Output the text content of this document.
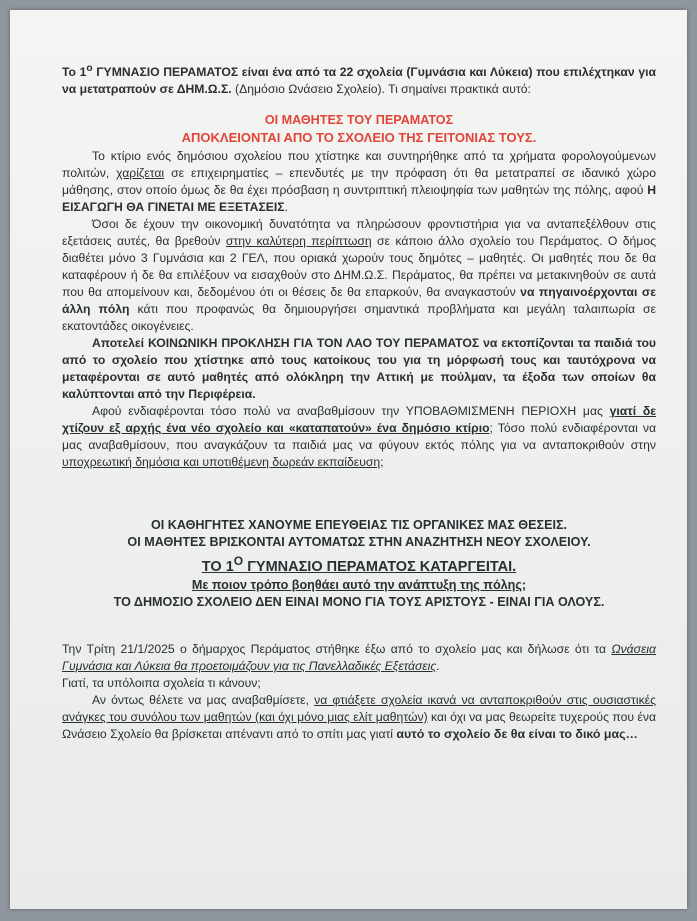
Το $1^o$ ΓΥΜΝΑΣΙΟ ΠΕΡΑΜΑΤΟΣ είναι ένα από τα 22 σχολεία (Γυμνάσια και Λύκεια) που επιλέχτηκαν για να μετατραπούν σε ΔΗΜ.Ω.Σ. (Δημόσιο Ωνάσειο Σχολείο). Τι σημαίνει πρακτικά αυτό:

ΟΙ ΜΑΘΗΤΕΣ ΤΟΥ ΠΕΡΑΜΑΤΟΣ

ΑΠΟΚΛΕΙΟΝΤΑΙ ΑΠΟ ΤΟ ΣΧΟΛΕΙΟ ΤΗΣ ΓΕΙΤΟΝΙΑΣ ΤΟΥΣ.

Το κτίριο ενός δημόσιου σχολείου που χτίστηκε και συντηρήθηκε από τα χρήματα φορολογούμενων πολιτών, χαρίζεται σε επιχειρηματίες – επενδυτές με την πρόφαση ότι θα μετατραπεί σε ιδανικό χώρο μάθησης, στον οποίο όμως δε θα έχει πρόσβαση η συντριπτική πλειοψηφία των μαθητών της πόλης, αφού Η ΕΙΣΑΓΩΓΗ ΘΑ ΓΙΝΕΤΑΙ ΜΕ ΕΞΕΤΑΣΕΙΣ.

Όσοι δε έχουν την οικονομική δυνατότητα να πληρώσουν φροντιστήρια για να ανταπεξέλθουν στις εξετάσεις αυτές, θα βρεθούν στην καλύτερη περίπτωση σε κάποιο άλλο σχολείο του Περάματος. Ο δήμος διαθέτει μόνο 3 Γυμνάσια και 2 ΓΕΛ, που οριακά χωρούν τους δημότες – μαθητές. Οι μαθητές που δε θα καταφέρουν ή δε θα επιλέξουν να εισαχθούν στο ΔΗΜ.Ω.Σ. Περάματος, θα πρέπει να μετακινηθούν σε αυτά που θα απομείνουν και, δεδομένου ότι οι θέσεις δε θα επαρκούν, θα αναγκαστούν να πηγαινοέρχονται σε άλλη πόλη κάτι που προφανώς θα δημιουργήσει σημαντικά προβλήματα και μεγάλη ταλαιπωρία σε εκατοντάδες οικογένειες.

Αποτελεί ΚΟΙΝΩΝΙΚΗ ΠΡΟΚΛΗΣΗ ΓΙΑ ΤΟΝ ΛΑΟ ΤΟΥ ΠΕΡΑΜΑΤΟΣ να εκτοπίζονται τα παιδιά του από το σχολείο που χτίστηκε από τους κατοίκους του για τη μόρφωσή τους και ταυτόχρονα να μεταφέρονται σε αυτό μαθητές από ολόκληρη την Αττική με πούλμαν, τα έξοδα των οποίων θα καλύπτονται από την Περιφέρεια.

Αφού ενδιαφέρονται τόσο πολύ να αναβαθμίσουν την ΥΠΟΒΑΘΜΙΣΜΕΝΗ ΠΕΡΙΟΧΗ μας γιατί δε χτίζουν εξ αρχής ένα νέο σχολείο και «καταπατούν» ένα δημόσιο κτίριο; Τόσο πολύ ενδιαφέρονται να μας αναβαθμίσουν, που αναγκάζουν τα παιδιά μας να φύγουν εκτός πόλης για να ανταποκριθούν στην υποχρεωτική δημόσια και υποτιθέμενη δωρεάν εκπαίδευση;

ΟΙ ΚΑΘΗΓΗΤΕΣ ΧΑΝΟΥΜΕ ΕΠΕΥΘΕΙΑΣ ΤΙΣ ΟΡΓΑΝΙΚΕΣ ΜΑΣ ΘΕΣΕΙΣ.

ΟΙ ΜΑΘΗΤΕΣ ΒΡΙΣΚΟΝΤΑΙ ΑΥΤΟΜΑΤΩΣ ΣΤΗΝ ΑΝΑΖΗΤΗΣΗ ΝΕΟΥ ΣΧΟΛΕΙΟΥ.

ΤΟ $1^O$ ΓΥΜΝΑΣΙΟ ΠΕΡΑΜΑΤΟΣ ΚΑΤΑΡΓΕΙΤΑΙ.

Με ποιον τρόπο βοηθάει αυτό την ανάπτυξη της πόλης;

ΤΟ ΔΗΜΟΣΙΟ ΣΧΟΛΕΙΟ ΔΕΝ ΕΙΝΑΙ ΜΟΝΟ ΓΙΑ ΤΟΥΣ ΑΡΙΣΤΟΥΣ - ΕΙΝΑΙ ΓΙΑ ΟΛΟΥΣ.

Την Τρίτη 21/1/2025 ο δήμαρχος Περάματος στήθηκε έξω από το σχολείο μας και δήλωσε ότι τα Ωνάσεια Γυμνάσια και Λύκεια θα προετοιμάζουν για τις Πανελλαδικές Εξετάσεις.

Γιατί, τα υπόλοιπα σχολεία τι κάνουν;

Αν όντως θέλετε να μας αναβαθμίσετε, να φτιάξετε σχολεία ικανά να ανταποκριθούν στις ουσιαστικές ανάγκες του συνόλου των μαθητών (και όχι μόνο μιας ελίτ μαθητών) και όχι να μας θεωρείτε τυχερούς που ένα Ωνάσειο Σχολείο θα βρίσκεται απέναντι από το σπίτι μας γιατί αυτό το σχολείο δε θα είναι το δικό μας…
